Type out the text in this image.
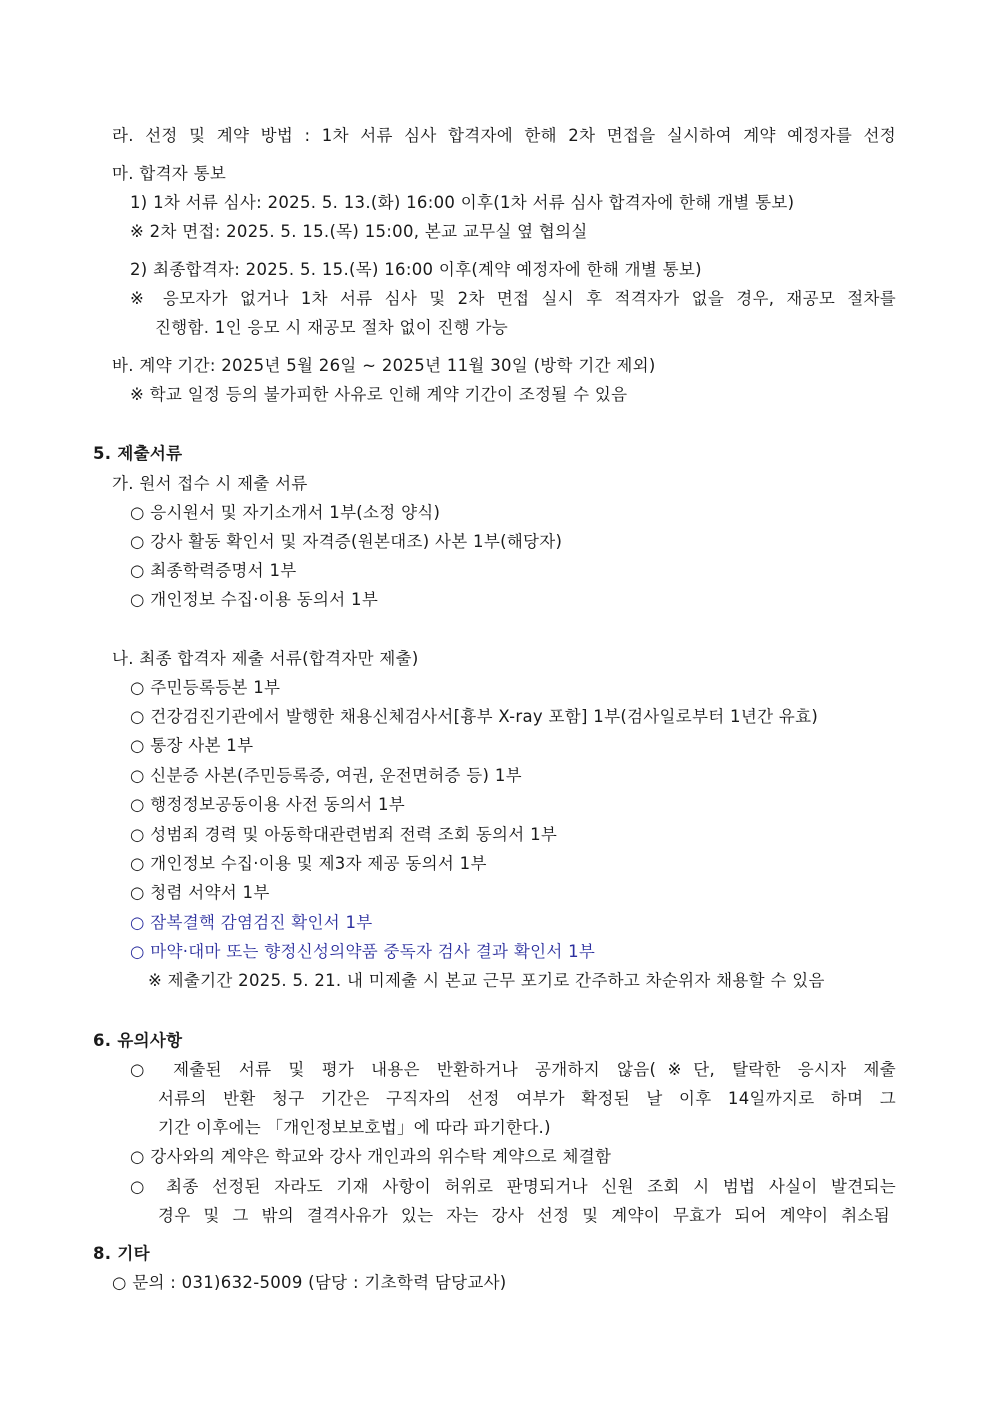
라. 선정 및 계약 방법 : 1차 서류 심사 합격자에 한해 2차 면접을 실시하여 계약 예정자를 선정
마. 합격자 통보
1) 1차 서류 심사: 2025. 5. 13.(화) 16:00 이후(1차 서류 심사 합격자에 한해 개별 통보)
※ 2차 면접: 2025. 5. 15.(목) 15:00, 본교 교무실 옆 협의실
2) 최종합격자: 2025. 5. 15.(목) 16:00 이후(계약 예정자에 한해 개별 통보)
※ 응모자가 없거나 1차 서류 심사 및 2차 면접 실시 후 적격자가 없을 경우, 재공모 절차를
진행함. 1인 응모 시 재공모 절차 없이 진행 가능
바. 계약 기간: 2025년 5월 26일 ~ 2025년 11월 30일 (방학 기간 제외)
※ 학교 일정 등의 불가피한 사유로 인해 계약 기간이 조정될 수 있음
5. 제출서류
가. 원서 접수 시 제출 서류
○ 응시원서 및 자기소개서 1부(소정 양식)
○ 강사 활동 확인서 및 자격증(원본대조) 사본 1부(해당자)
○ 최종학력증명서 1부
○ 개인정보 수집·이용 동의서 1부
나. 최종 합격자 제출 서류(합격자만 제출)
○ 주민등록등본 1부
○ 건강검진기관에서 발행한 채용신체검사서[흉부 X-ray 포함] 1부(검사일로부터 1년간 유효)
○ 통장 사본 1부
○ 신분증 사본(주민등록증, 여권, 운전면허증 등) 1부
○ 행정정보공동이용 사전 동의서 1부
○ 성범죄 경력 및 아동학대관련범죄 전력 조회 동의서 1부
○ 개인정보 수집·이용 및 제3자 제공 동의서 1부
○ 청렴 서약서 1부
○ 잠복결핵 감염검진 확인서 1부
○ 마약·대마 또는 향정신성의약품 중독자 검사 결과 확인서 1부
※ 제출기간 2025. 5. 21. 내 미제출 시 본교 근무 포기로 간주하고 차순위자 채용할 수 있음
6. 유의사항
○ 제출된 서류 및 평가 내용은 반환하거나 공개하지 않음(※단, 탈락한 응시자 제출
서류의 반환 청구 기간은 구직자의 선정 여부가 확정된 날 이후 14일까지로 하며 그
기간 이후에는 「개인정보보호법」에 따라 파기한다.)
○ 강사와의 계약은 학교와 강사 개인과의 위수탁 계약으로 체결함
○ 최종 선정된 자라도 기재 사항이 허위로 판명되거나 신원 조회 시 범법 사실이 발견되는
경우 및 그 밖의 결격사유가 있는 자는 강사 선정 및 계약이 무효가 되어 계약이 취소됨
8. 기타
○ 문의 : 031)632-5009 (담당 : 기초학력 담당교사)
